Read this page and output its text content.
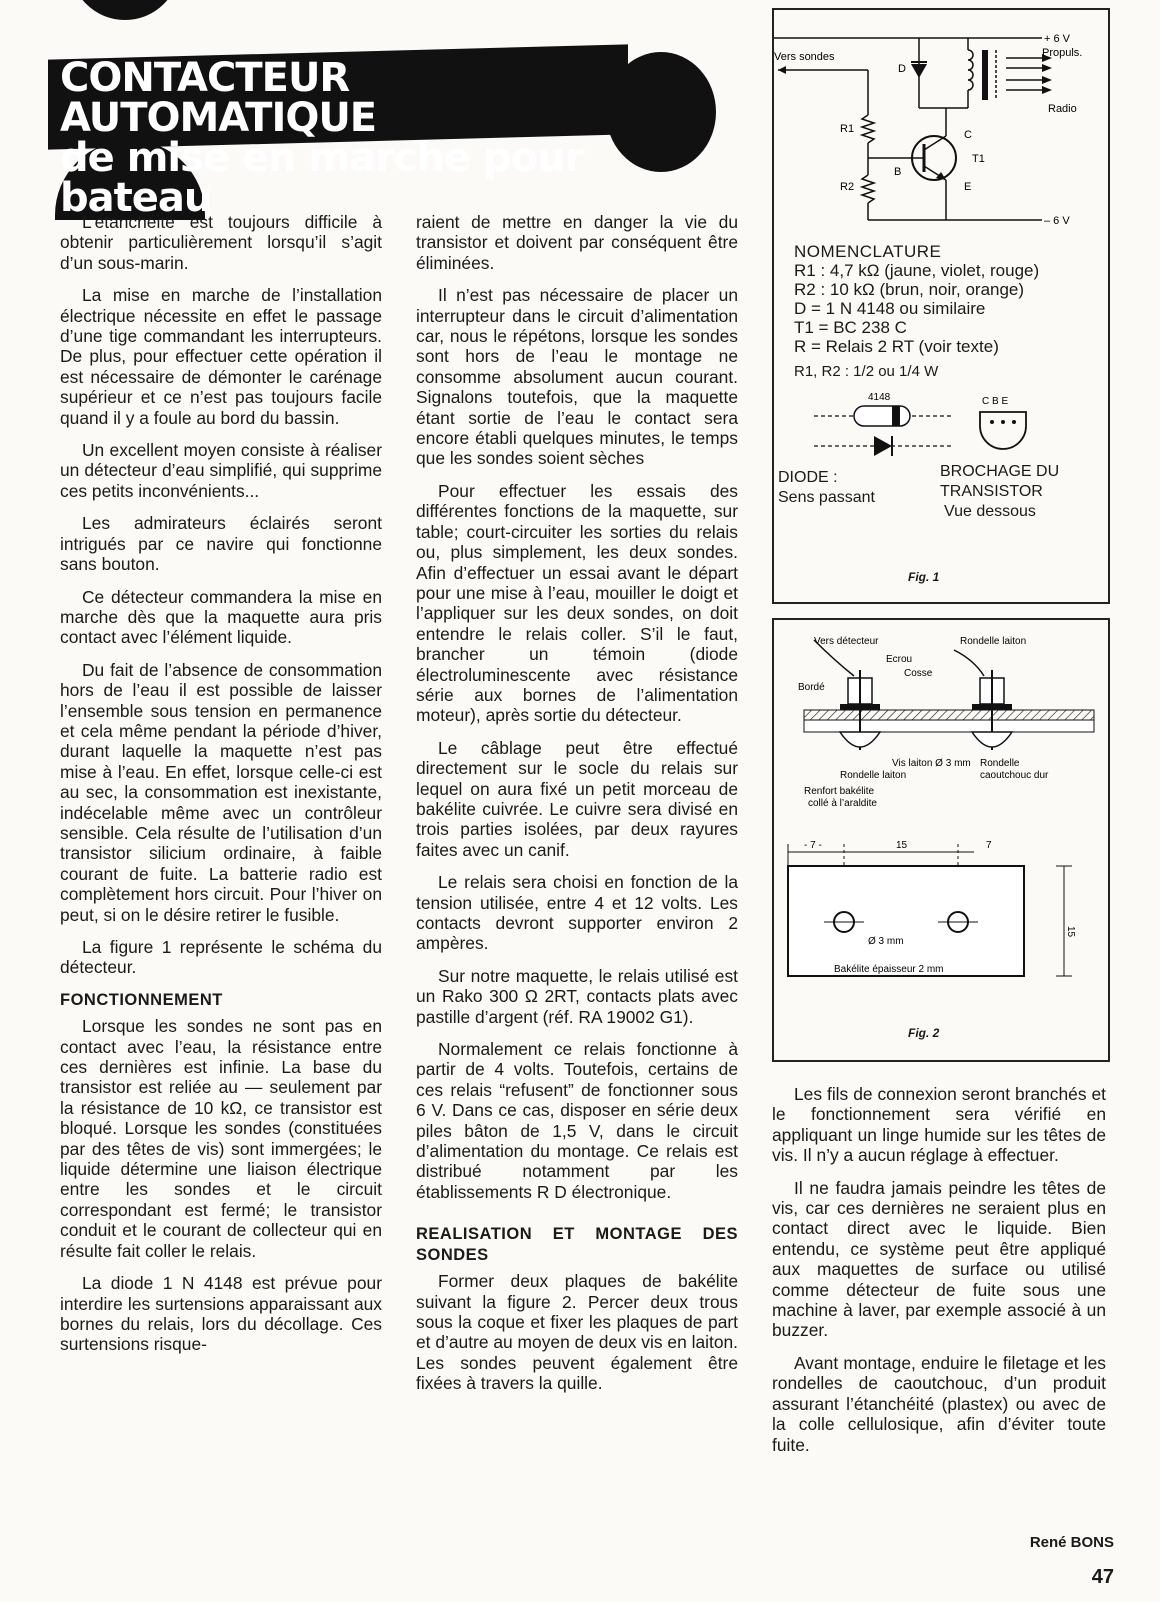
CONTACTEUR AUTOMATIQUE
de mise en marche pour bateau

L’étanchéité est toujours difficile à obtenir particulièrement lorsqu’il s’agit d’un sous-marin.

La mise en marche de l’installation électrique nécessite en effet le passage d’une tige commandant les interrupteurs. De plus, pour effectuer cette opération il est nécessaire de démonter le carénage supérieur et ce n’est pas toujours facile quand il y a foule au bord du bassin.

Un excellent moyen consiste à réaliser un détecteur d’eau simplifié, qui supprime ces petits inconvénients...

Les admirateurs éclairés seront intrigués par ce navire qui fonctionne sans bouton.

Ce détecteur commandera la mise en marche dès que la maquette aura pris contact avec l’élément liquide.

Du fait de l’absence de consommation hors de l’eau il est possible de laisser l’ensemble sous tension en permanence et cela même pendant la période d’hiver, durant laquelle la maquette n’est pas mise à l’eau. En effet, lorsque celle-ci est au sec, la consommation est inexistante, indécelable même avec un contrôleur sensible. Cela résulte de l’utilisation d’un transistor silicium ordinaire, à faible courant de fuite. La batterie radio est complètement hors circuit. Pour l’hiver on peut, si on le désire retirer le fusible.

La figure 1 représente le schéma du détecteur.

FONCTIONNEMENT

Lorsque les sondes ne sont pas en contact avec l’eau, la résistance entre ces dernières est infinie. La base du transistor est reliée au — seulement par la résistance de 10 kΩ, ce transistor est bloqué. Lorsque les sondes (constituées par des têtes de vis) sont immergées; le liquide détermine une liaison électrique entre les sondes et le circuit correspondant est fermé; le transistor conduit et le courant de collecteur qui en résulte fait coller le relais.

La diode 1 N 4148 est prévue pour interdire les surtensions apparaissant aux bornes du relais, lors du décollage. Ces surtensions risque-

raient de mettre en danger la vie du transistor et doivent par conséquent être éliminées.

Il n’est pas nécessaire de placer un interrupteur dans le circuit d’alimentation car, nous le répétons, lorsque les sondes sont hors de l’eau le montage ne consomme absolument aucun courant. Signalons toutefois, que la maquette étant sortie de l’eau le contact sera encore établi quelques minutes, le temps que les sondes soient sèches

Pour effectuer les essais des différentes fonctions de la maquette, sur table; court-circuiter les sorties du relais ou, plus simplement, les deux sondes. Afin d’effectuer un essai avant le départ pour une mise à l’eau, mouiller le doigt et l’appliquer sur les deux sondes, on doit entendre le relais coller. S’il le faut, brancher un témoin (diode électroluminescente avec résistance série aux bornes de l’alimentation moteur), après sortie du détecteur.

Le câblage peut être effectué directement sur le socle du relais sur lequel on aura fixé un petit morceau de bakélite cuivrée. Le cuivre sera divisé en trois parties isolées, par deux rayures faites avec un canif.

Le relais sera choisi en fonction de la tension utilisée, entre 4 et 12 volts. Les contacts devront supporter environ 2 ampères.

Sur notre maquette, le relais utilisé est un Rako 300 Ω 2RT, contacts plats avec pastille d’argent (réf. RA 19002 G1).

Normalement ce relais fonctionne à partir de 4 volts. Toutefois, certains de ces relais “refusent” de fonctionner sous 6 V. Dans ce cas, disposer en série deux piles bâton de 1,5 V, dans le circuit d’alimentation du montage. Ce relais est distribué notamment par les établissements R D électronique.

REALISATION ET MONTAGE DES SONDES

Former deux plaques de bakélite suivant la figure 2. Percer deux trous sous la coque et fixer les plaques de part et d’autre au moyen de deux vis en laiton. Les sondes peuvent également être fixées à travers la quille.

Les fils de connexion seront branchés et le fonctionnement sera vérifié en appliquant un linge humide sur les têtes de vis. Il n’y a aucun réglage à effectuer.

Il ne faudra jamais peindre les têtes de vis, car ces dernières ne seraient plus en contact direct avec le liquide. Bien entendu, ce système peut être appliqué aux maquettes de surface ou utilisé comme détecteur de fuite sous une machine à laver, par exemple associé à un buzzer.

Avant montage, enduire le filetage et les rondelles de caoutchouc, d’un produit assurant l’étanchéité (plastex) ou avec de la colle cellulosique, afin d’éviter toute fuite.

+ 6 V
Vers sondes
R1
R2
– 6 V
B
C
E
T1
D
Propuls.
Radio
NOMENCLATURE
R1 : 4,7 kΩ (jaune, violet, rouge)
R2 : 10 kΩ (brun, noir, orange)
D = 1 N 4148 ou similaire
T1 = BC 238 C
R = Relais 2 RT (voir texte)
R1, R2 : 1/2 ou 1/4 W
4148	C B E
DIODE :
Sens passant
BROCHAGE DU
TRANSISTOR
Vue dessous
Fig. 1
Vers détecteur	Rondelle laiton
Ecrou
Cosse
Bordé
Vis laiton Ø 3 mm
Rondelle laiton
Rondelle
caoutchouc dur
Renfort bakélite
collé à l’araldite
- 7 -	15	7
15
Ø 3 mm
Bakélite épaisseur 2 mm
Fig. 2
René BONS
47
